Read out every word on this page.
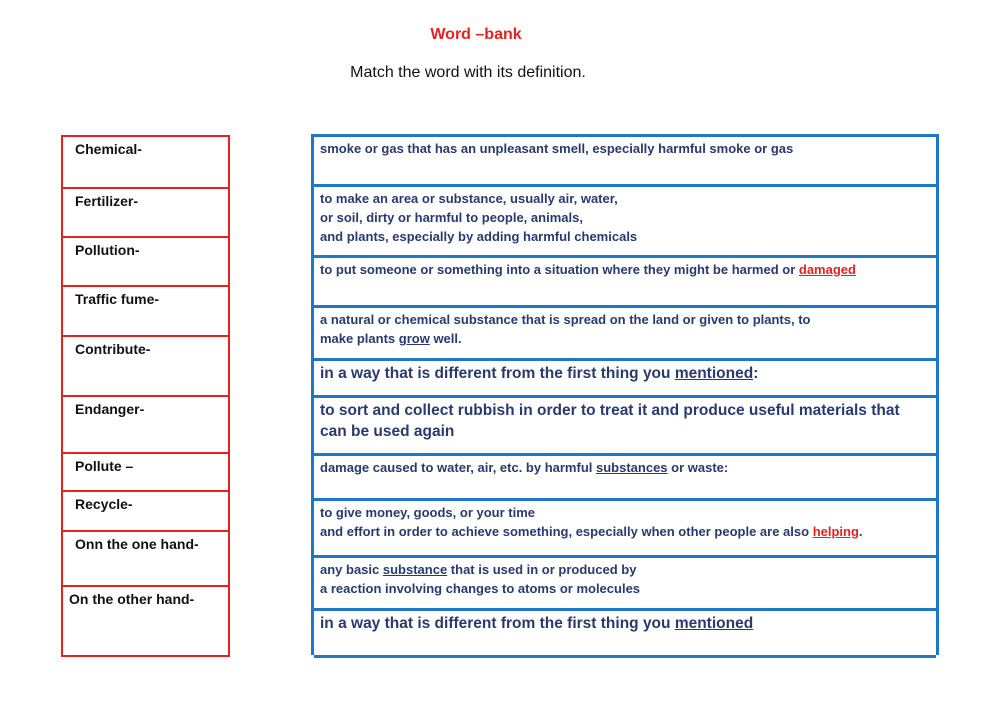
Word –bank
Match the word with its definition.
Chemical-
Fertilizer-
Pollution-
Traffic fume-
Contribute-
Endanger-
Pollute –
Recycle-
Onn the one hand-
On the other hand-
smoke or gas that has an unpleasant smell, especially harmful smoke or gas
to make an area or substance, usually air, water,
or soil, dirty or harmful to people, animals,
and plants, especially by adding harmful chemicals
to put someone or something into a situation where they might be harmed or damaged
a natural or chemical substance that is spread on the land or given to plants, to
make plants grow well.
in a way that is different from the first thing you mentioned:
to sort and collect rubbish in order to treat it and produce useful materials that
can be used again
damage caused to water, air, etc. by harmful substances or waste:
to give money, goods, or your time
and effort in order to achieve something, especially when other people are also helping.
any basic substance that is used in or produced by
a reaction involving changes to atoms or molecules
in a way that is different from the first thing you mentioned
